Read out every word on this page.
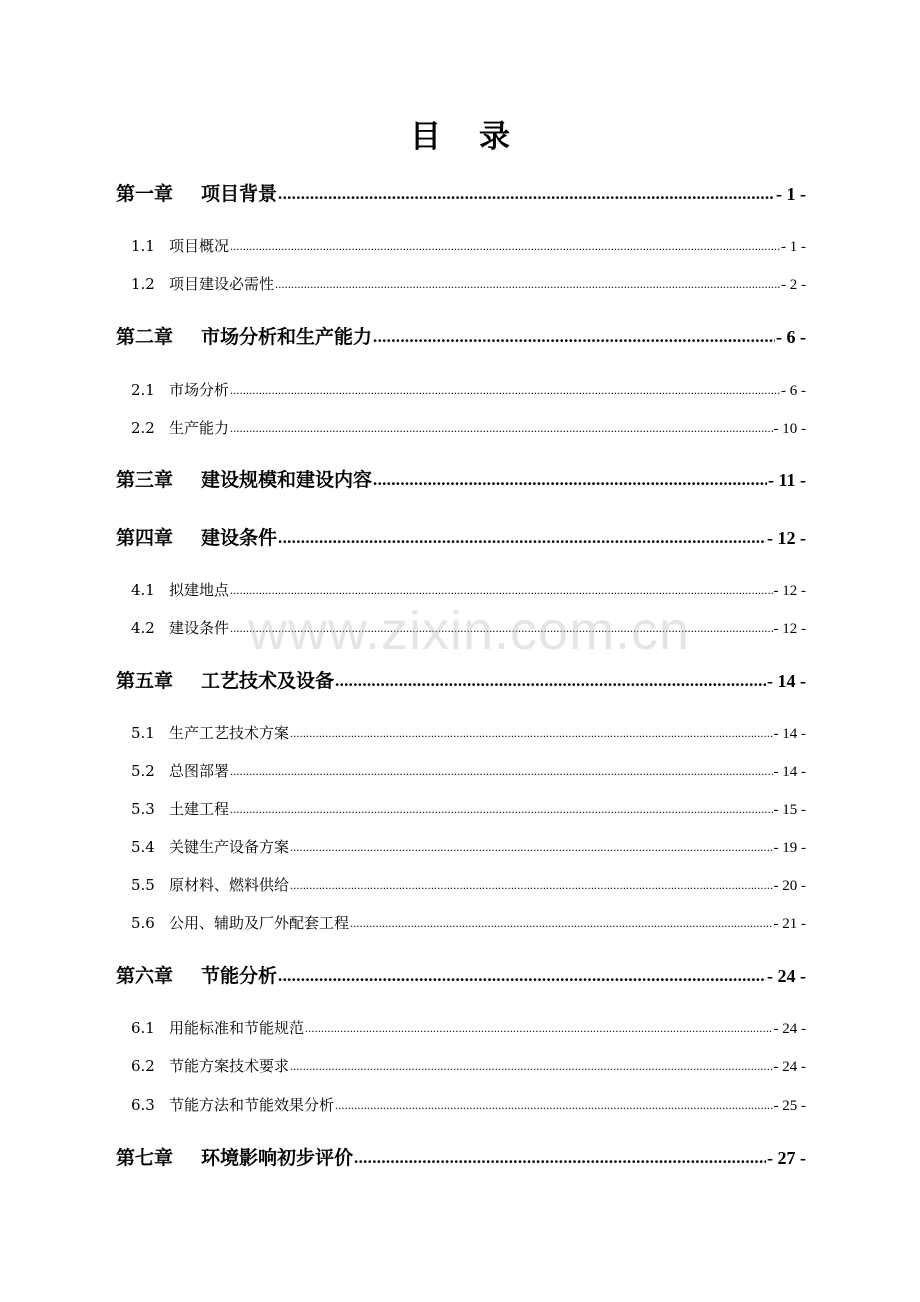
目录
第一章	项目背景 .....	- 1 -
1.1 项目概况 .....	- 1 -
1.2 项目建设必需性 .....	- 2 -
第二章	市场分析和生产能力 .....	- 6 -
2.1 市场分析 .....	- 6 -
2.2 生产能力 .....	- 10 -
第三章	建设规模和建设内容 .....	- 11 -
第四章	建设条件 .....	- 12 -
4.1 拟建地点 .....	- 12 -
4.2 建设条件 .....	- 12 -
第五章	工艺技术及设备 .....	- 14 -
5.1 生产工艺技术方案 .....	- 14 -
5.2 总图部署 .....	- 14 -
5.3 土建工程 .....	- 15 -
5.4 关键生产设备方案 .....	- 19 -
5.5 原材料、燃料供给 .....	- 20 -
5.6 公用、辅助及厂外配套工程 .....	- 21 -
第六章	节能分析 .....	- 24 -
6.1 用能标准和节能规范 .....	- 24 -
6.2 节能方案技术要求 .....	- 24 -
6.3 节能方法和节能效果分析 .....	- 25 -
第七章	环境影响初步评价 .....	- 27 -
www.zixin.com.cn
